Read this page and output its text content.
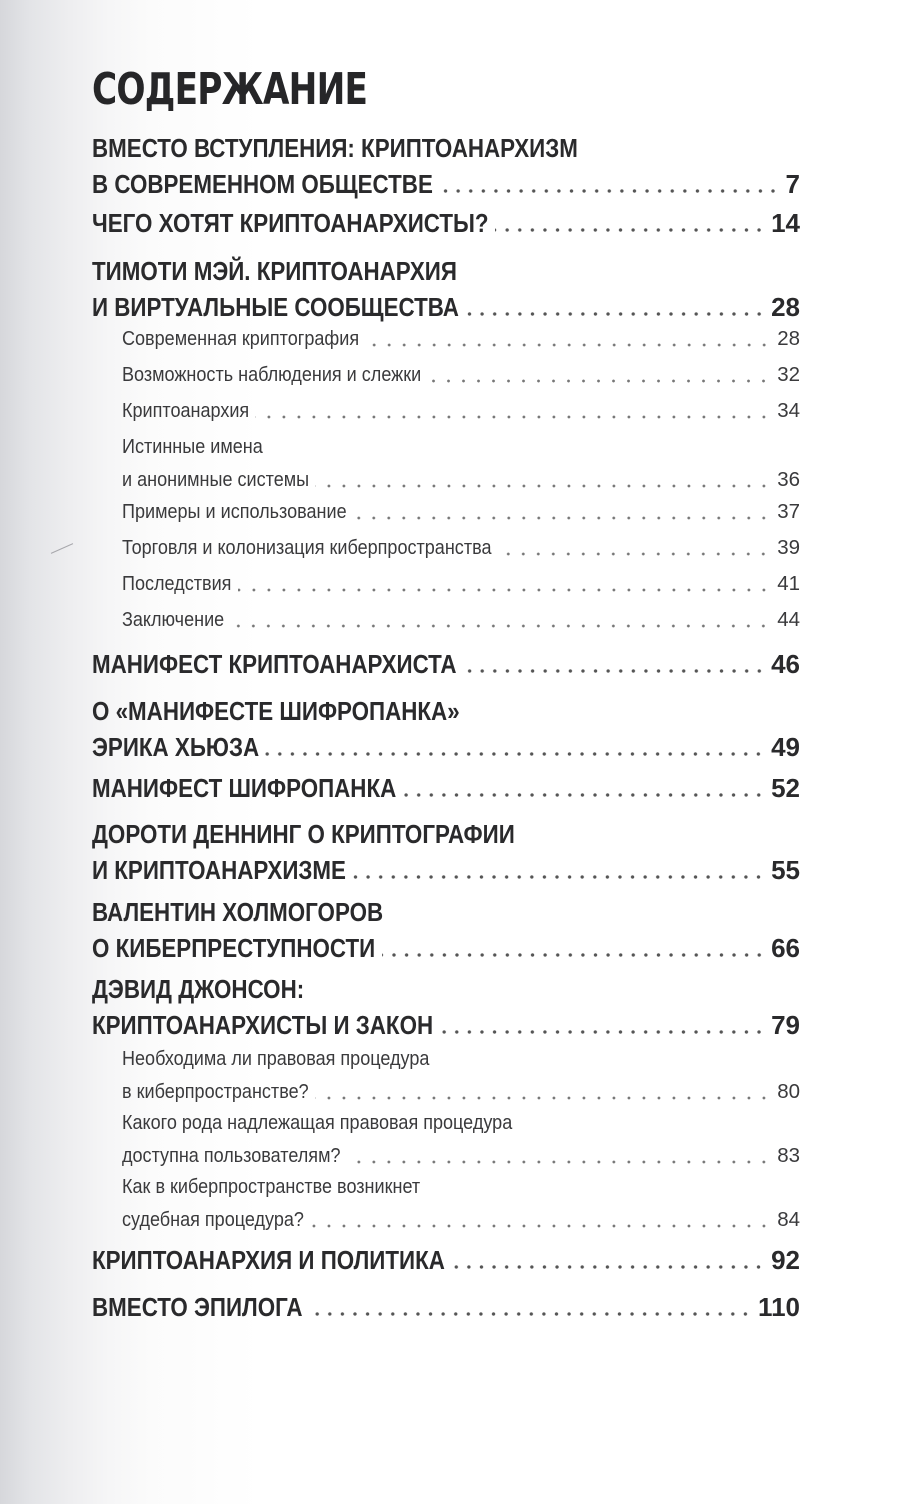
СОДЕРЖАНИЕ
ВМЕСТО ВСТУПЛЕНИЯ: КРИПТОАНАРХИЗМ
В СОВРЕМЕННОМ ОБЩЕСТВЕ	7
ЧЕГО ХОТЯТ КРИПТОАНАРХИСТЫ?	14
ТИМОТИ МЭЙ. КРИПТОАНАРХИЯ
И ВИРТУАЛЬНЫЕ СООБЩЕСТВА	28
Современная криптография	28
Возможность наблюдения и слежки	32
Криптоанархия	34
Истинные имена
и анонимные системы	36
Примеры и использование	37
Торговля и колонизация киберпространства	39
Последствия	41
Заключение	44
МАНИФЕСТ КРИПТОАНАРХИСТА	46
О «МАНИФЕСТЕ ШИФРОПАНКА»
ЭРИКА ХЬЮЗА	49
МАНИФЕСТ ШИФРОПАНКА	52
ДОРОТИ ДЕННИНГ О КРИПТОГРАФИИ
И КРИПТОАНАРХИЗМЕ	55
ВАЛЕНТИН ХОЛМОГОРОВ
О КИБЕРПРЕСТУПНОСТИ	66
ДЭВИД ДЖОНСОН:
КРИПТОАНАРХИСТЫ И ЗАКОН	79
Необходима ли правовая процедура
в киберпространстве?	80
Какого рода надлежащая правовая процедура
доступна пользователям?	83
Как в киберпространстве возникнет
судебная процедура?	84
КРИПТОАНАРХИЯ И ПОЛИТИКА	92
ВМЕСТО ЭПИЛОГА	110
